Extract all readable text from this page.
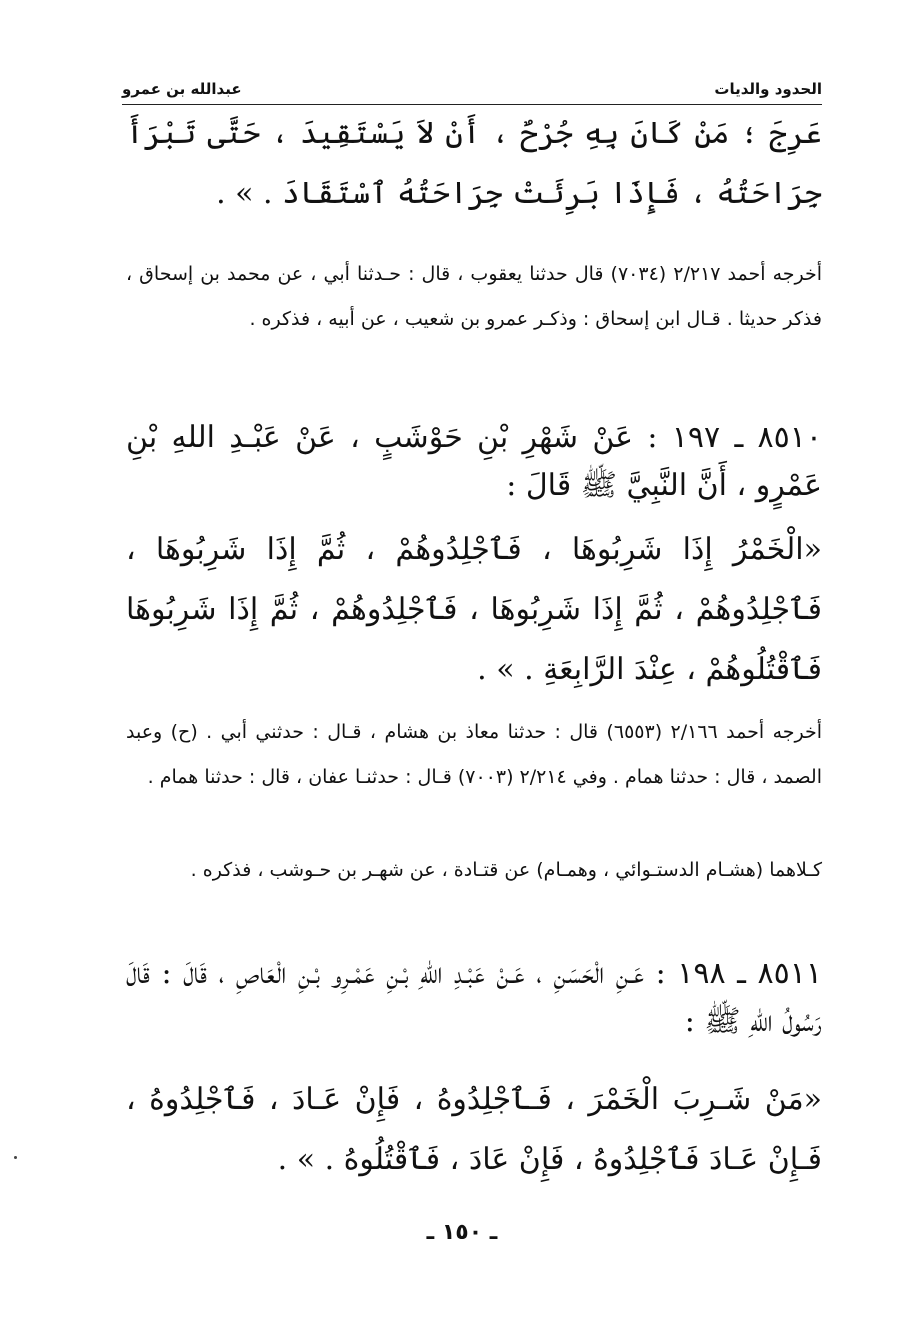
الحدود والديات
عبدالله بن عمرو

عَرِجَ ؛ مَنْ كَانَ بِهِ جُرْحٌ ، أَنْ لاَ يَسْتَقِيدَ ، حَتَّى تَبْرَأَ جِرَاحَتُهُ ، فَإِذَا بَرِئَتْ جِرَاحَتُهُ ٱسْتَقَادَ . » .

أخرجه أحمد ٢/٢١٧ (٧٠٣٤) قال حدثنا يعقوب ، قال : حـدثنا أبي ، عن محمد بن إسحاق ، فذكر حديثا . قـال ابن إسحاق : وذكـر عمرو بن شعيب ، عن أبيه ، فذكره .

٨٥١٠ ـ ١٩٧ : عَنْ شَهْرِ بْنِ حَوْشَبٍ ، عَنْ عَبْـدِ اللهِ بْنِ عَمْرٍو ، أَنَّ النَّبِيَّ ﷺ قَالَ :

«الْخَمْرُ إِذَا شَرِبُوهَا ، فَٱجْلِدُوهُمْ ، ثُمَّ إِذَا شَرِبُوهَا ، فَٱجْلِدُوهُمْ ، ثُمَّ إِذَا شَرِبُوهَا ، فَٱجْلِدُوهُمْ ، ثُمَّ إِذَا شَرِبُوهَا فَٱقْتُلُوهُمْ ، عِنْدَ الرَّابِعَةِ . » .

أخرجه أحمد ٢/١٦٦ (٦٥٥٣) قال : حدثنا معاذ بن هشام ، قـال : حدثني أبي . (ح) وعبد الصمد ، قال : حدثنا همام . وفي ٢/٢١٤ (٧٠٠٣) قـال : حدثنـا عفان ، قال : حدثنا همام .

كـلاهما (هشـام الدستـوائي ، وهمـام) عن قتـادة ، عن شهـر بن حـوشب ، فذكره .

٨٥١١ ـ ١٩٨ : عَـنِ الْحَسَنِ ، عَـنْ عَبْـدِ اللهِ بْـنِ عَمْـرِو بْـنِ الْعَاصِ ، قَالَ : قَالَ رَسُولُ اللهِ ﷺ :

«مَنْ شَـرِبَ الْخَمْرَ ، فَـٱجْلِدُوهُ ، فَإِنْ عَـادَ ، فَٱجْلِدُوهُ ، فَـإِنْ عَـادَ فَٱجْلِدُوهُ ، فَإِنْ عَادَ ، فَٱقْتُلُوهُ . » .

ـ ١٥٠ ـ
